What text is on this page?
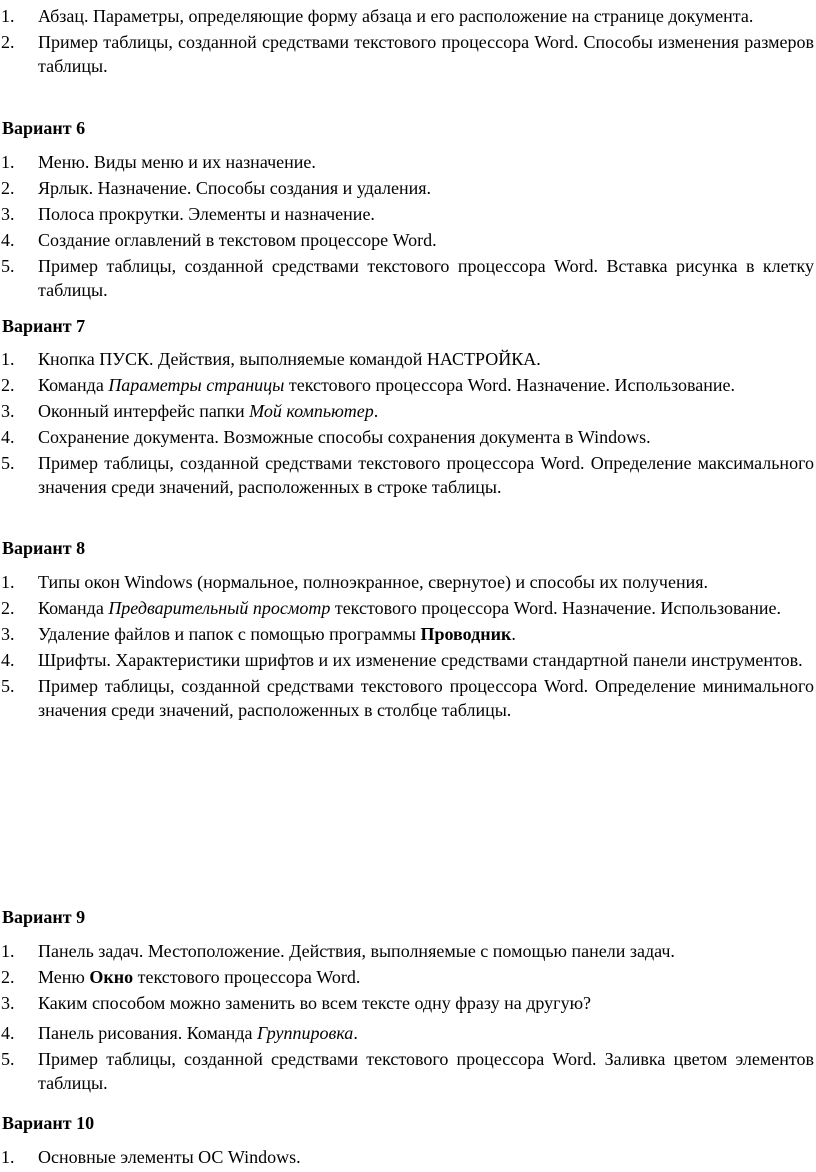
1. Абзац. Параметры, определяющие форму абзаца и его расположение на странице документа.
2. Пример таблицы, созданной средствами текстового процессора Word. Способы изменения размеров таблицы.
Вариант 6
1. Меню. Виды меню и их назначение.
2. Ярлык. Назначение. Способы создания и удаления.
3. Полоса прокрутки. Элементы и назначение.
4. Создание оглавлений в текстовом процессоре Word.
5. Пример таблицы, созданной средствами текстового процессора Word. Вставка рисунка в клетку таблицы.
Вариант 7
1. Кнопка ПУСК. Действия, выполняемые командой НАСТРОЙКА.
2. Команда Параметры страницы текстового процессора Word. Назначение. Использование.
3. Оконный интерфейс папки Мой компьютер.
4. Сохранение документа. Возможные способы сохранения документа в Windows.
5. Пример таблицы, созданной средствами текстового процессора Word. Определение максимального значения среди значений, расположенных в строке таблицы.
Вариант 8
1. Типы окон Windows (нормальное, полноэкранное, свернутое) и способы их получения.
2. Команда Предварительный просмотр текстового процессора Word. Назначение. Использование.
3. Удаление файлов и папок с помощью программы Проводник.
4. Шрифты. Характеристики шрифтов и их изменение средствами стандартной панели инструментов.
5. Пример таблицы, созданной средствами текстового процессора Word. Определение минимального значения среди значений, расположенных в столбце таблицы.
Вариант 9
1. Панель задач. Местоположение. Действия, выполняемые с помощью панели задач.
2. Меню Окно текстового процессора Word.
3. Каким способом можно заменить во всем тексте одну фразу на другую?
4. Панель рисования. Команда Группировка.
5. Пример таблицы, созданной средствами текстового процессора Word. Заливка цветом элементов таблицы.
Вариант 10
1. Основные элементы ОС Windows.
